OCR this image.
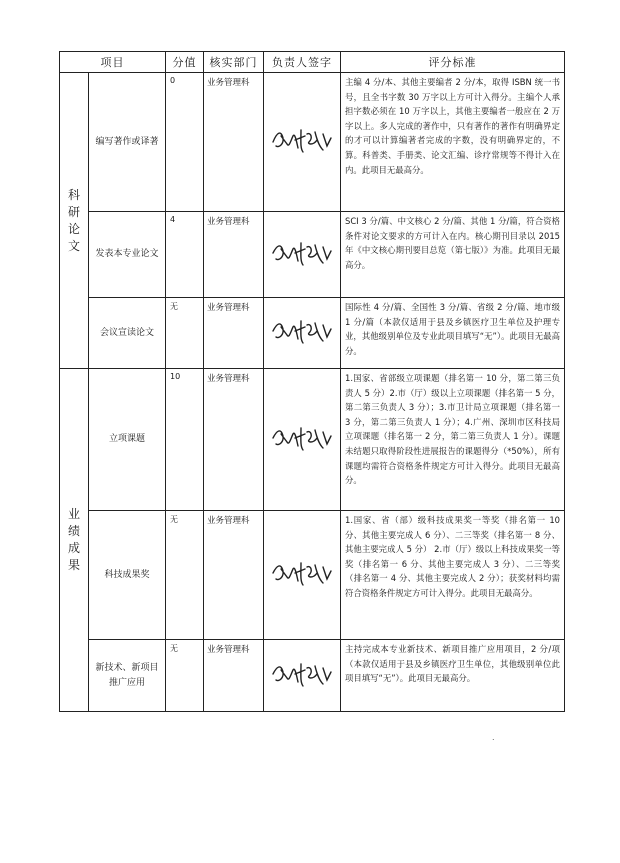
项目		分值	核实部门	负责人签字	评分标准

科
研
论
文	编写著作或译著	0	业务管理科		主编 4 分/本、其他主要编者 2 分/本，取得 ISBN 统一书号，且全书字数 30 万字以上方可计入得分。主编个人承担字数必须在 10 万字以上，其他主要编者一般应在 2 万字以上。多人完成的著作中，只有著作的著作有明确界定的才可以计算编著者完成的字数，没有明确界定的，不算。科普类、手册类、论文汇编、诊疗常规等不得计入在内。此项目无最高分。
	发表本专业论文	4	业务管理科		SCI 3 分/篇、中文核心 2 分/篇、其他 1 分/篇，符合资格条件对论文要求的方可计入在内。核心期刊目录以 2015 年《中文核心期刊要目总览（第七版）》为准。此项目无最高分。
	会议宣读论文	无	业务管理科		国际性 4 分/篇、全国性 3 分/篇、省级 2 分/篇、地市级 1 分/篇（本款仅适用于县及乡镇医疗卫生单位及护理专业，其他级别单位及专业此项目填写“无”）。此项目无最高分。

业
绩
成
果	立项课题	10	业务管理科		1.国家、省部级立项课题（排名第一 10 分，第二第三负责人 5 分）2.市（厅）级以上立项课题（排名第一 5 分，第二第三负责人 3 分）；3.市卫计局立项课题（排名第一 3 分，第二第三负责人 1 分）；4.广州、深圳市区科技局立项课题（排名第一 2 分，第二第三负责人 1 分）。课题未结题只取得阶段性进展报告的课题得分（*50%），所有课题均需符合资格条件规定方可计入得分。此项目无最高分。
	科技成果奖	无	业务管理科		1.国家、省（部）级科技成果奖一等奖（排名第一 10 分、其他主要完成人 6 分）、二三等奖（排名第一 8 分、其他主要完成人 5 分） 2.市（厅）级以上科技成果奖一等奖（排名第一 6 分、其他主要完成人 3 分）、二三等奖（排名第一 4 分、其他主要完成人 2 分）；获奖材料均需符合资格条件规定方可计入得分。此项目无最高分。
	新技术、新项目推广应用	无	业务管理科		主持完成本专业新技术、新项目推广应用项目，2 分/项（本款仅适用于县及乡镇医疗卫生单位，其他级别单位此项目填写“无”）。此项目无最高分。
.
